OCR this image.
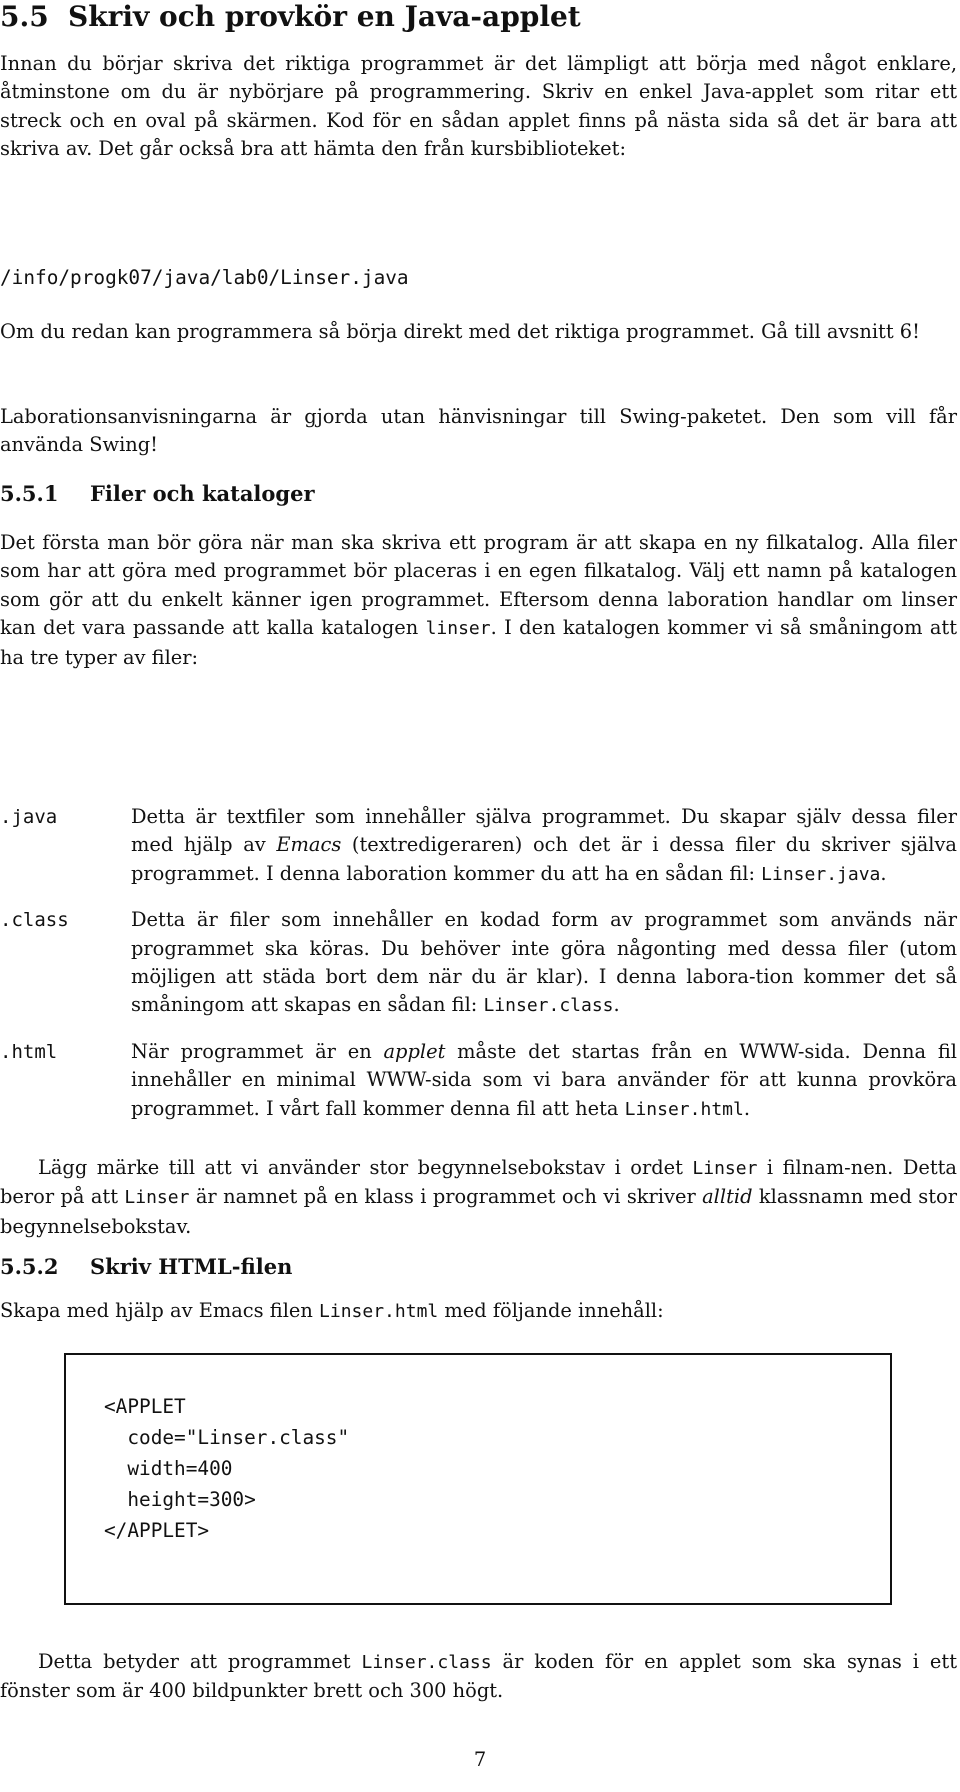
5.5 Skriv och provkör en Java-applet

Innan du börjar skriva det riktiga programmet är det lämpligt att börja med något enklare, åtminstone om du är nybörjare på programmering. Skriv en enkel Java-applet som ritar ett streck och en oval på skärmen. Kod för en sådan applet finns på nästa sida så det är bara att skriva av. Det går också bra att hämta den från kursbiblioteket:

/info/progk07/java/lab0/Linser.java

Om du redan kan programmera så börja direkt med det riktiga programmet. Gå till avsnitt 6!

Laborationsanvisningarna är gjorda utan hänvisningar till Swing-paketet. Den som vill får använda Swing!

5.5.1 Filer och kataloger

Det första man bör göra när man ska skriva ett program är att skapa en ny filkatalog. Alla filer som har att göra med programmet bör placeras i en egen filkatalog. Välj ett namn på katalogen som gör att du enkelt känner igen programmet. Eftersom denna laboration handlar om linser kan det vara passande att kalla katalogen linser. I den katalogen kommer vi så småningom att ha tre typer av filer:

.java	Detta är textfiler som innehåller själva programmet. Du skapar själv dessa filer med hjälp av Emacs (textredigeraren) och det är i dessa filer du skriver själva programmet. I denna laboration kommer du att ha en sådan fil: Linser.java.

.class	Detta är filer som innehåller en kodad form av programmet som används när programmet ska köras. Du behöver inte göra någonting med dessa filer (utom möjligen att städa bort dem när du är klar). I denna labora-tion kommer det så småningom att skapas en sådan fil: Linser.class.

.html	När programmet är en applet måste det startas från en WWW-sida. Denna fil innehåller en minimal WWW-sida som vi bara använder för att kunna provköra programmet. I vårt fall kommer denna fil att heta Linser.html.

Lägg märke till att vi använder stor begynnelsebokstav i ordet Linser i filnam-nen. Detta beror på att Linser är namnet på en klass i programmet och vi skriver alltid klassnamn med stor begynnelsebokstav.

5.5.2 Skriv HTML-filen

Skapa med hjälp av Emacs filen Linser.html med följande innehåll:

<APPLET
code="Linser.class"
width=400
height=300>
</APPLET>

Detta betyder att programmet Linser.class är koden för en applet som ska synas i ett fönster som är 400 bildpunkter brett och 300 högt.

7
